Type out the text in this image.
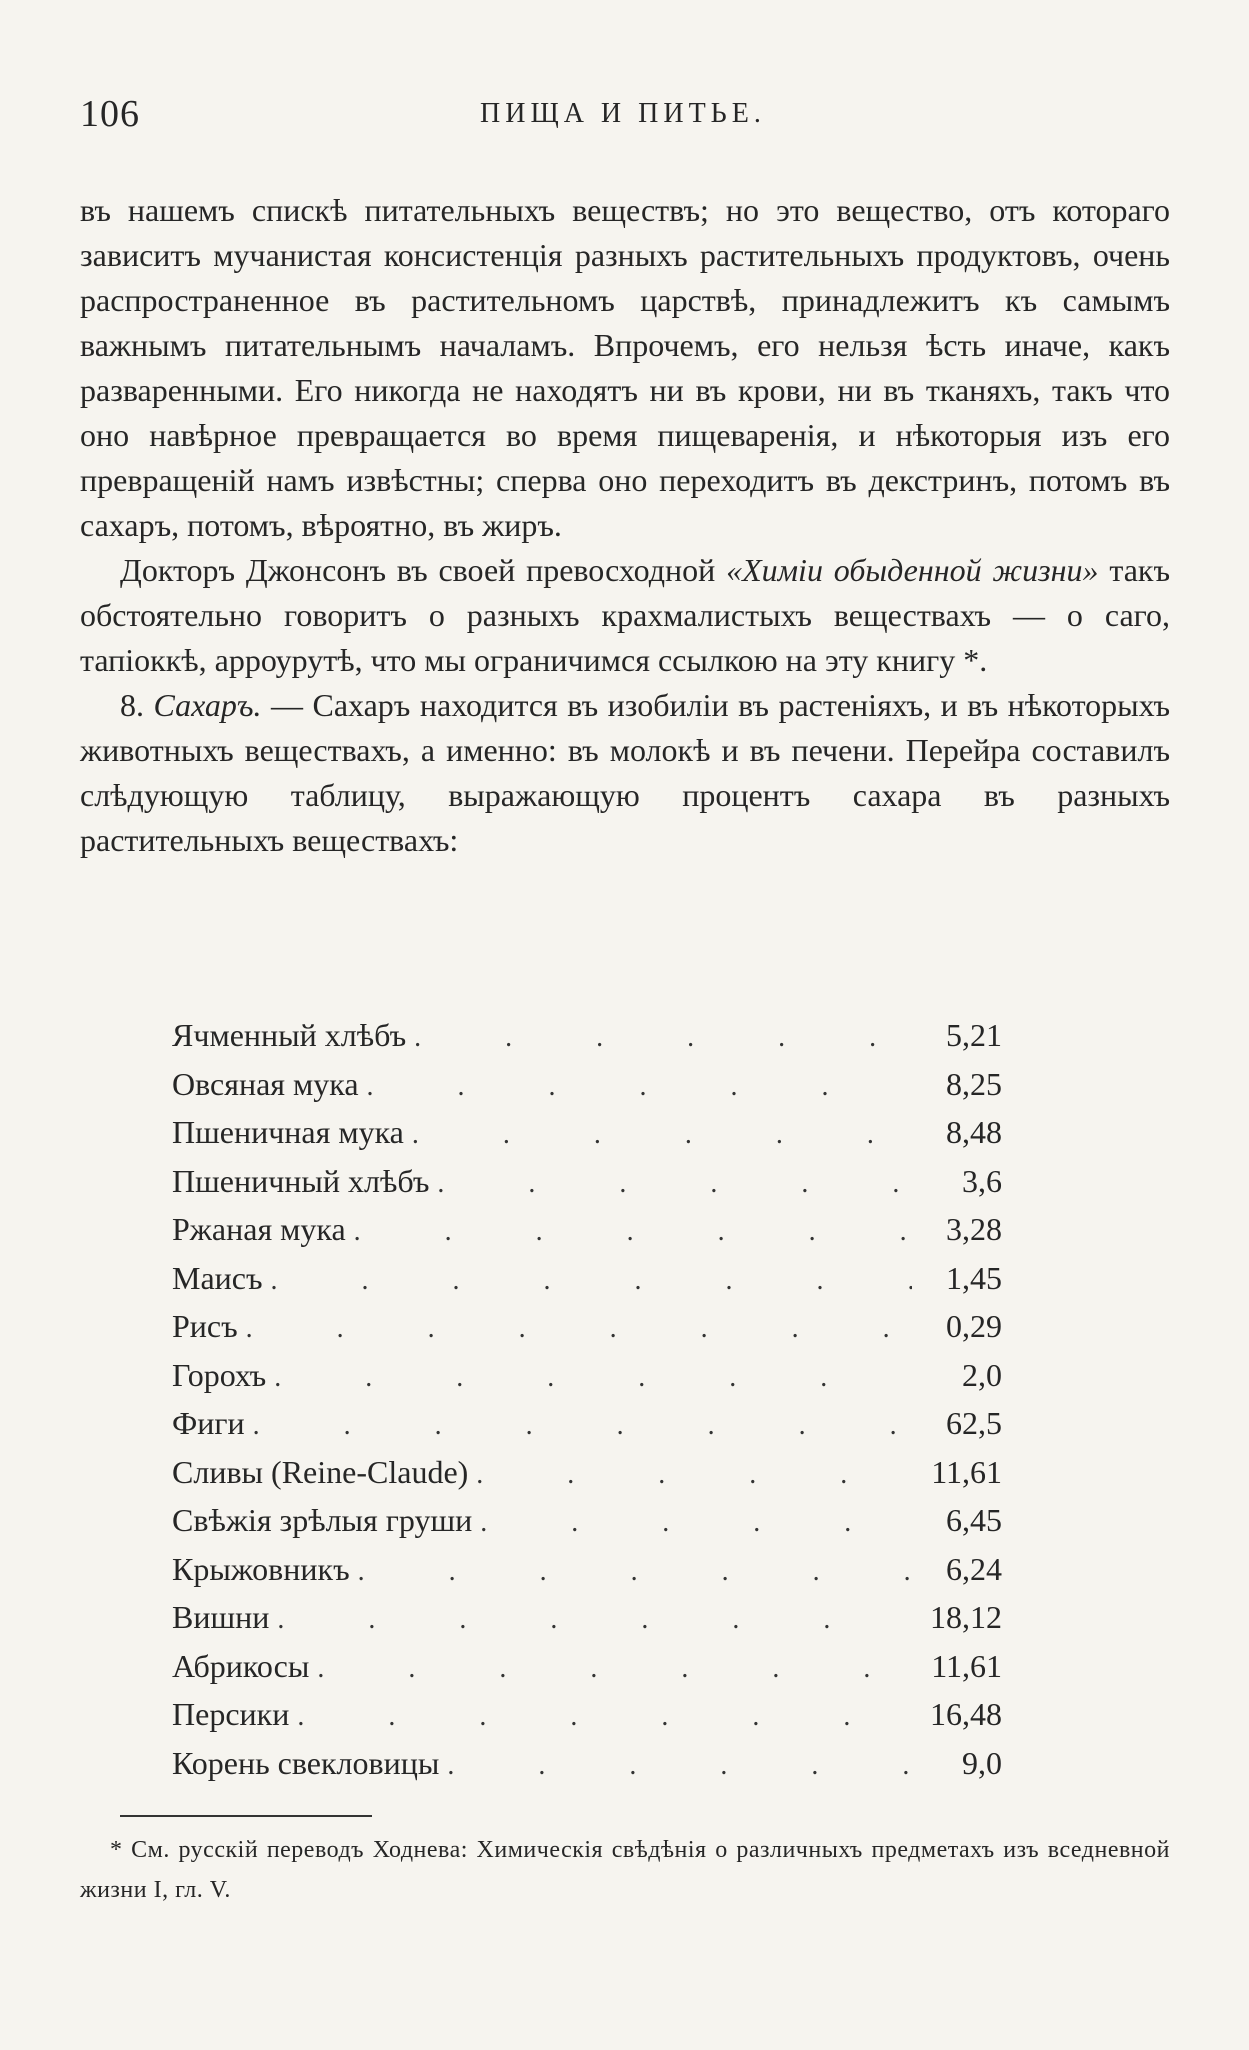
106	ПИЩА И ПИТЬЕ.

въ нашемъ спискѣ питательныхъ веществъ; но это вещество, отъ котораго зависитъ мучанистая консистенція разныхъ растительныхъ продуктовъ, очень распространенное въ растительномъ царствѣ, принадлежитъ къ самымъ важнымъ питательнымъ началамъ. Впрочемъ, его нельзя ѣсть иначе, какъ разваренными. Его никогда не находятъ ни въ крови, ни въ тканяхъ, такъ что оно навѣрное превращается во время пищеваренія, и нѣкоторыя изъ его превращеній намъ извѣстны; сперва оно переходитъ въ декстринъ, потомъ въ сахаръ, потомъ, вѣроятно, въ жиръ.

Докторъ Джонсонъ въ своей превосходной «Химіи обыденной жизни» такъ обстоятельно говоритъ о разныхъ крахмалистыхъ веществахъ — о саго, тапіоккѣ, арроурутѣ, что мы ограничимся ссылкою на эту книгу *.

8. Сахаръ. — Сахаръ находится въ изобиліи въ растеніяхъ, и въ нѣкоторыхъ животныхъ веществахъ, а именно: въ молокѣ и въ печени. Перейра составилъ слѣдующую таблицу, выражающую процентъ сахара въ разныхъ растительныхъ веществахъ:

Ячменный хлѣбъ .	5,21
Овсяная мука .	8,25
Пшеничная мука .	8,48
Пшеничный хлѣбъ .	3,6
Ржаная мука .	3,28
Маисъ .	1,45
Рисъ .	0,29
Горохъ .	2,0
Фиги .	62,5
Сливы (Reine-Claude) .	11,61
Свѣжія зрѣлыя груши .	6,45
Крыжовникъ .	6,24
Вишни .	18,12
Абрикосы .	11,61
Персики .	16,48
Корень свекловицы .	9,0

* См. русскій переводъ Ходнева: Химическія свѣдѣнія о различныхъ предметахъ изъ вседневной жизни I, гл. V.
